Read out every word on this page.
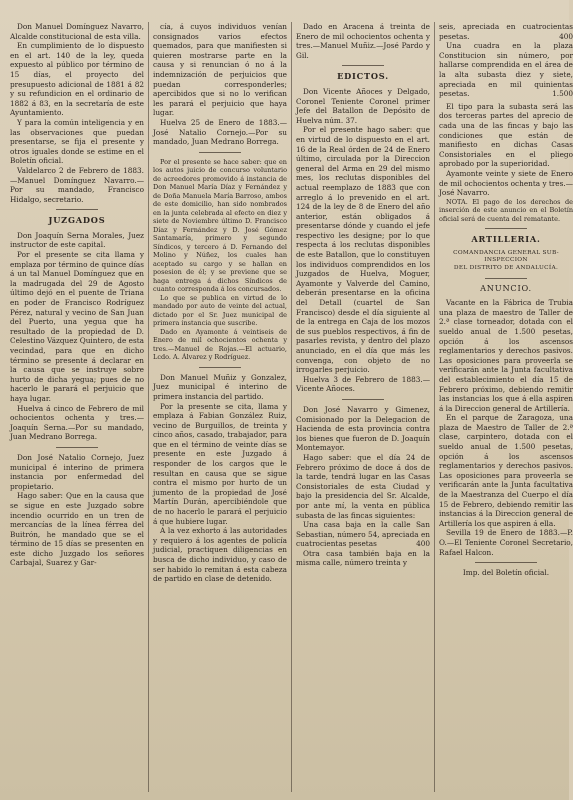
Don Manuel Domínguez Navarro, Alcalde constitucional de esta villa.

En cumplimiento de lo dispuesto en el art. 140 de la ley, queda expuesto al público por término de 15 días, el proyecto del presupuesto adicional de 1881 á 82 y su refundicion en el ordinario de 1882 á 83, en la secretaría de este Ayuntamiento.

Y para la común inteligencia y en las observaciones que puedan presentarse, se fija el presente y otros iguales donde se estime en el Boletín oficial.

Valdelarco 2 de Febrero de 1883.—Manuel Domínguez Navarro.—Por su mandado, Francisco Hidalgo, secretario.

JUZGADOS

Don Joaquín Serna Morales, Juez instructor de este capital.

Por el presente se cita llama y emplaza por término de quince días á un tal Manuel Domínguez que en la madrugada del 29 de Agosto último dejó en el puente de Triana en poder de Francisco Rodríguez Pérez, natural y vecino de San Juan del Puerto, una yegua que ha resultado de la propiedad de D. Celestino Vázquez Quintero, de esta vecindad, para que en dicho término se presente á declarar en la causa que se instruye sobre hurto de dicha yegua; pues de no hacerlo le parará el perjuicio que haya lugar.

Huelva á cinco de Febrero de mil ochocientos ochenta y tres.—Joaquín Serna.—Por su mandado, Juan Medrano Borrega.

Don José Natalio Cornejo, Juez municipal é interino de primera instancia por enfermedad del propietario.

Hago saber: Que en la causa que se sigue en este Juzgado sobre incendio ocurrido en un tren de mercancías de la línea férrea del Buitrón, he mandado que se el término de 15 días se presenten en este dicho Juzgado los señores Carbajal, Suarez y Gar-

cía, á cuyos individuos venían consignados varios efectos quemados, para que manifiesten si quieren mostrarse parte en la causa y si renuncian ó no á la indemnización de perjuicios que puedan corresponderles; apercibidos que si no lo verifican les parará el perjuicio que haya lugar.

Huelva 25 de Enero de 1883.—José Natalio Cornejo.—Por su mandado, Juan Medrano Borrega.

Por el presente se hace saber: que en los autos juicio de concurso voluntario de acreedores promovido á instancia de Don Manuel María Díaz y Fernández y de Doña Manuela María Barroso, ambos de este domicilio, han sido nombrados en la junta celebrada al efecto en diez y siete de Noviembre último D. Francisco Díaz y Fernández y D. José Gómez Santamaría, primero y segundo Síndicos, y tercero á D. Fernando del Molino y Núñez, los cuales han aceptado su cargo y se hallan en posesion de él; y se previene que se haga entrega á dichos Síndicos de cuanto corresponda á los concursados.

Lo que se publica en virtud de lo mandado por auto de veinte del actual, dictado por el Sr. Juez municipal de primera instancia que suscribe.

Dado en Ayamonte á veintiseis de Enero de mil ochocientos ochenta y tres.—Manuel de Rojas.—El actuario, Lcdo. A. Álvarez y Rodríguez.

Don Manuel Muñiz y Gonzalez, Juez municipal é interino de primera instancia del partido.

Por la presente se cita, llama y emplaza á Fabian González Ruiz, vecino de Burguillos, de treinta y cinco años, casado, trabajador, para que en el término de veinte días se presente en este Juzgado á responder de los cargos que le resultan en causa que se sigue contra el mismo por hurto de un jumento de la propiedad de José Martín Durán, apercibiéndole que de no hacerlo le parará el perjuicio á que hubiere lugar.

A la vez exhorto á las autoridades y requiero á los agentes de policía judicial, practiquen diligencias en busca de dicho individuo, y caso de ser habido lo remitan á esta cabeza de partido en clase de detenido.

Dado en Aracena á treinta de Enero de mil ochocientos ochenta y tres.—Manuel Muñiz.—José Pardo y Gil.

EDICTOS.

Don Vicente Añoces y Delgado, Coronel Teniente Coronel primer Jefe del Batallon de Depósito de Huelva núm. 37.

Por el presente hago saber: que en virtud de lo dispuesto en el art. 16 de la Real órden de 24 de Enero último, circulada por la Direccion general del Arma en 29 del mismo mes, los reclutas disponibles del actual reemplazo de 1883 que con arreglo á lo prevenido en el art. 124 de la ley de 8 de Enero del año anterior, están obligados á presentarse dónde y cuando el jefe respectivo les designe; por lo que respecta á los reclutas disponibles de este Batallon, que lo constituyen los individuos comprendidos en los Juzgados de Huelva, Moguer, Ayamonte y Valverde del Camino, deberán presentarse en la oficina del Detall (cuartel de San Francisco) desde el día siguiente al de la entrega en Caja de los mozos de sus pueblos respectivos, á fin de pasarles revista, y dentro del plazo anunciado, en el día que más les convenga, con objeto de no irrogarles perjuicio.

Huelva 3 de Febrero de 1883.—Vicente Añoces.

Don José Navarro y Gimenez, Comisionado por la Delegacion de Hacienda de esta provincia contra los bienes que fueron de D. Joaquín Montemayor.

Hago saber: que el día 24 de Febrero próximo de doce á dos de la tarde, tendrá lugar en las Casas Consistoriales de esta Ciudad y bajo la presidencia del Sr. Alcalde, por ante mí, la venta en pública subasta de las fincas siguientes:

Una casa baja en la calle San Sebastian, número 54, apreciada en cuatrocientas pesetas	400

Otra casa también baja en la misma calle, número treinta y

seis, apreciada en cuatrocientas pesetas.	400

Una cuadra en la plaza Constitucion sin número, por hallarse comprendida en el área de la alta subasta diez y siete, apreciada en mil quinientas pesetas.	1.500

El tipo para la subasta será las dos terceras partes del aprecio de cada una de las fincas y bajo las condiciones que están de manifiesto en dichas Casas Consistoriales en el pliego aprobado por la superioridad.

Ayamonte veinte y siete de Enero de mil ochocientos ochenta y tres.—José Navarro.

NOTA. El pago de los derechos de inserción de este anuncio en el Boletín oficial será de cuenta del rematante.

ARTILLERIA.
COMANDANCIA GENERAL SUB-INSPECCION
DEL DISTRITO DE ANDALUCÍA.
ANUNCIO.

Vacante en la Fábrica de Trubia una plaza de maestro de Taller de 2.ª clase torneador, dotada con el sueldo anual de 1.500 pesetas, opción á los ascensos reglamentarios y derechos pasivos. Las oposiciones para proveerla se verificarán ante la Junta facultativa del establecimiento el día 15 de Febrero próximo, debiendo remitir las instancias los que á ella aspiren á la Direccion general de Artillería.

En el parque de Zaragoza, una plaza de Maestro de Taller de 2.ª clase, carpintero, dotada con el sueldo anual de 1.500 pesetas, opción á los ascensos reglamentarios y derechos pasivos. Las oposiciones para proveerla se verificarán ante la Junta facultativa de la Maestranza del Cuerpo el día 15 de Febrero, debiendo remitir las instancias á la Direccion general de Artillería los que aspiren á ella.

Sevilla 19 de Enero de 1883.—P. O.—El Teniente Coronel Secretario, Rafael Halcon.

Imp. del Boletín oficial.
